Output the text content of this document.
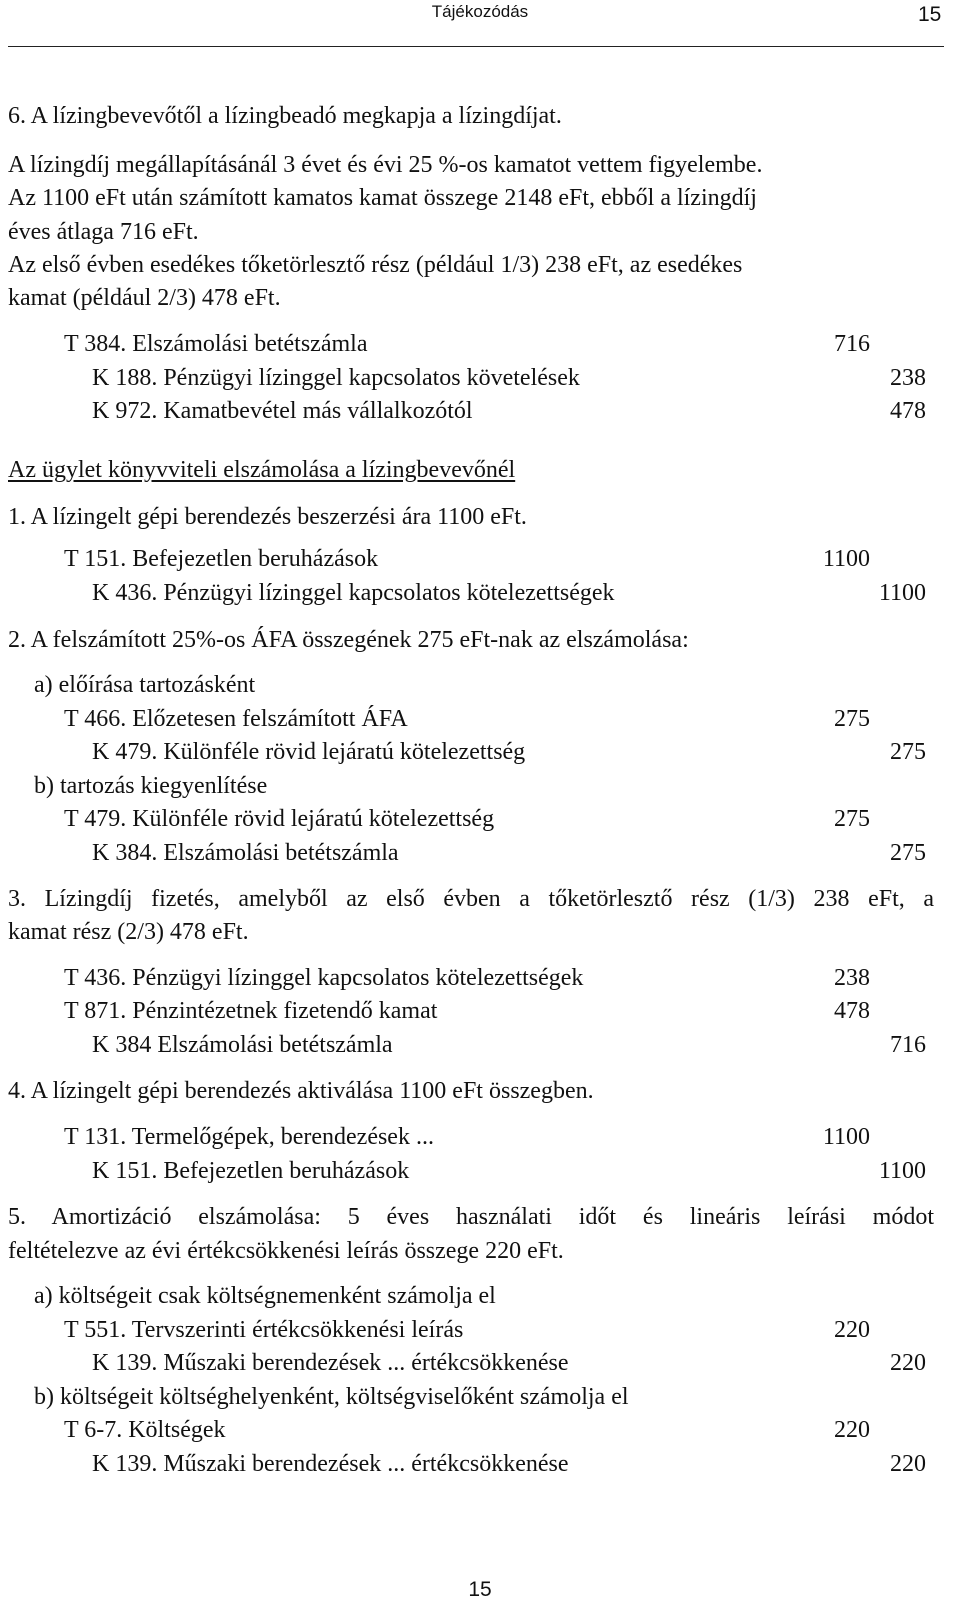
Tájékozódás	15
6. A lízingbevevőtől a lízingbeadó megkapja a lízingdíjat.
A lízingdíj megállapításánál 3 évet és évi 25 %-os kamatot vettem figyelembe.
Az 1100 eFt után számított kamatos kamat összege 2148 eFt, ebből a lízingdíj
éves átlaga 716 eFt.
Az első évben esedékes tőketörlesztő rész (például 1/3) 238 eFt, az esedékes
kamat (például 2/3) 478 eFt.
T 384. Elszámolási betétszámla	716
K 188. Pénzügyi lízinggel kapcsolatos követelések	238
K 972. Kamatbevétel más vállalkozótól	478
Az ügylet könyvviteli elszámolása a lízingbevevőnél
1. A lízingelt gépi berendezés beszerzési ára 1100 eFt.
T 151. Befejezetlen beruházások	1100
K 436. Pénzügyi lízinggel kapcsolatos kötelezettségek	1100
2. A felszámított 25%-os ÁFA összegének 275 eFt-nak az elszámolása:
a) előírása tartozásként
T 466. Előzetesen felszámított ÁFA	275
K 479. Különféle rövid lejáratú kötelezettség	275
b) tartozás kiegyenlítése
T 479. Különféle rövid lejáratú kötelezettség	275
K 384. Elszámolási betétszámla	275
3. Lízingdíj fizetés, amelyből az első évben a tőketörlesztő rész (1/3) 238 eFt, a
kamat rész (2/3) 478 eFt.
T 436. Pénzügyi lízinggel kapcsolatos kötelezettségek	238
T 871. Pénzintézetnek fizetendő kamat	478
K 384 Elszámolási betétszámla	716
4. A lízingelt gépi berendezés aktiválása 1100 eFt összegben.
T 131. Termelőgépek, berendezések ...	1100
K 151. Befejezetlen beruházások	1100
5. Amortizáció elszámolása: 5 éves használati időt és lineáris leírási módot
feltételezve az évi értékcsökkenési leírás összege 220 eFt.
a) költségeit csak költségnemenként számolja el
T 551. Tervszerinti értékcsökkenési leírás	220
K 139. Műszaki berendezések ... értékcsökkenése	220
b) költségeit költséghelyenként, költségviselőként számolja el
T 6-7. Költségek	220
K 139. Műszaki berendezések ... értékcsökkenése	220
15
